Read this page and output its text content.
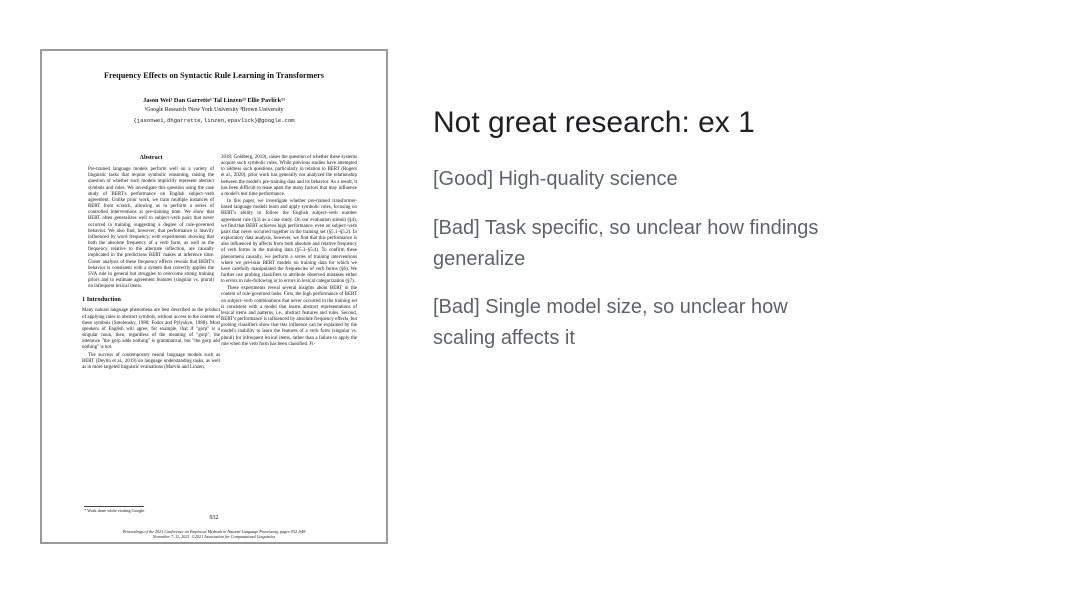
Frequency Effects on Syntactic Rule Learning in Transformers
Jason Wei¹ Dan Garrette¹ Tal Linzen²³ Ellie Pavlick¹²
¹Google Research ²New York University ³Brown University
{jasonwei,dhgarrette,linzen,epavlick}@google.com
Abstract
Pre-trained language models perform well on a variety of linguistic tasks that require symbolic reasoning, raising the question of whether such models implicitly represent abstract symbols and rules. We investigate this question using the case study of BERT's performance on English subject–verb agreement. Unlike prior work, we train multiple instances of BERT from scratch, allowing us to perform a series of controlled interventions at pre-training time. We show that BERT often generalizes well to subject–verb pairs that never occurred in training, suggesting a degree of rule-governed behavior. We also find, however, that performance is heavily influenced by word frequency, with experiments showing that both the absolute frequency of a verb form, as well as the frequency relative to the alternate inflection, are causally implicated in the predictions BERT makes at inference time. Closer analysis of these frequency effects reveals that BERT's behavior is consistent with a system that correctly applies the SVA rule in general but struggles to overcome strong training priors and to estimate agreement features (singular vs. plural) on infrequent lexical items.
1 Introduction

Many natural language phenomena are best described as the product of applying rules to abstract symbols, without access to the content of these symbols (Smolensky, 1988; Fodor and Pylyshyn, 1988). Most speakers of English will agree, for example, that if "gorp" is a singular noun, then, regardless of the meaning of "gorp", the utterance "the gorp adds nothing" is grammatical, but "the gorp add nothing" is not.

The success of contemporary neural language models such as BERT (Devlin et al., 2019) on language understanding tasks, as well as in more targeted linguistic evaluations (Marvin and Linzen,

2018; Goldberg, 2019), raises the question of whether these systems acquire such symbolic rules. While previous studies have attempted to address such questions, particularly in relation to BERT (Rogers et al., 2020), prior work has generally not analyzed the relationship between the model's pre-training data and its behavior. As a result, it has been difficult to tease apart the many factors that may influence a model's test time performance.

In this paper, we investigate whether pre-trained transformer-based language models learn and apply symbolic rules, focusing on BERT's ability to follow the English subject–verb number agreement rule (§3) as a case study. On our evaluation stimuli (§4), we find that BERT achieves high performance, even on subject–verb pairs that never occurred together in the training set (§5.1–§5.2). In exploratory data analysis, however, we find that this performance is also influenced by affects from both absolute and relative frequency of verb forms in the training data (§5.3–§5.4). To confirm these phenomena causally, we perform a series of training interventions where we pre-train BERT models on training data for which we have carefully manipulated the frequencies of verb forms (§6). We further use probing classifiers to attribute observed mistakes either to errors in rule-following or to errors in lexical categorization (§7).

These experiments reveal several insights about BERT in the context of rule-governed tasks. First, the high performance of BERT on subject–verb combinations that never occurred in the training set is consistent with a model that learns abstract representations of lexical items and patterns, i.e., abstract features and rules. Second, BERT's performance is influenced by absolute frequency effects, but probing classifiers show that this influence can be explained by the model's inability to learn the features of a verb form (singular vs. plural) for infrequent lexical items, rather than a failure to apply the rule when the verb form has been classified. Fi-

* Work done while visiting Google.
932
Proceedings of the 2021 Conference on Empirical Methods in Natural Language Processing, pages 932–948
November 7–11, 2021. ©2021 Association for Computational Linguistics
Not great research: ex 1
[Good] High-quality science
[Bad] Task specific, so unclear how findings generalize
[Bad] Single model size, so unclear how scaling affects it
